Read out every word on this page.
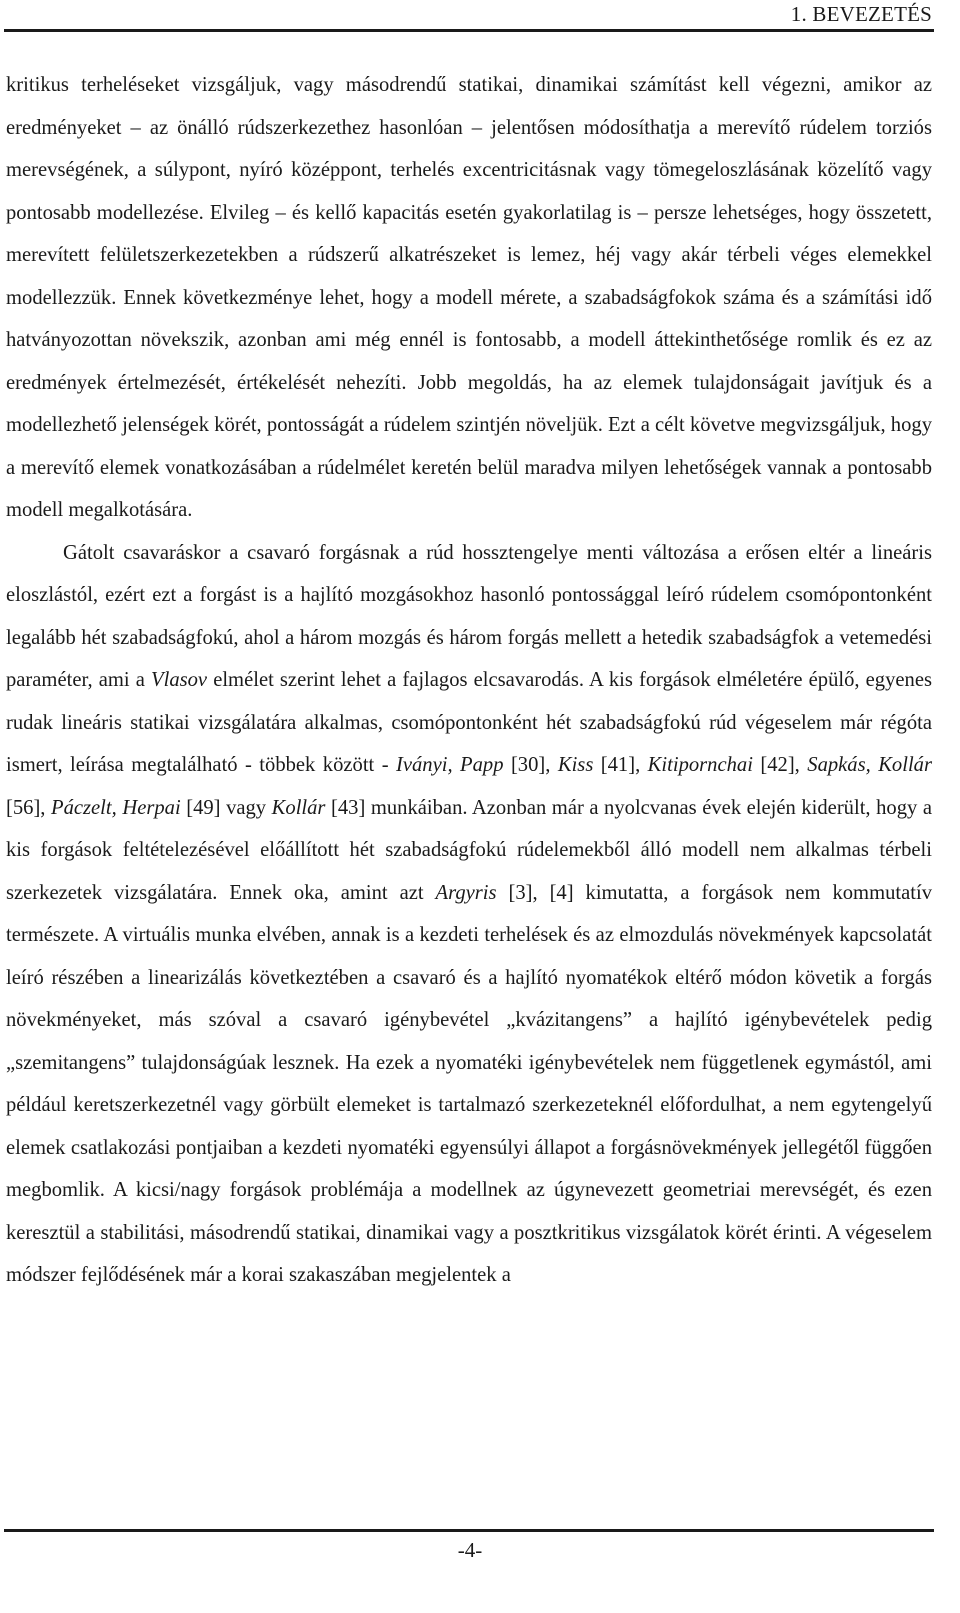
1. BEVEZETÉS

kritikus terheléseket vizsgáljuk, vagy másodrendű statikai, dinamikai számítást kell végezni, amikor az eredményeket – az önálló rúdszerkezethez hasonlóan – jelentősen módosíthatja a merevítő rúdelem torziós merevségének, a súlypont, nyíró középpont, terhelés excentricitásnak vagy tömegeloszlásának közelítő vagy pontosabb modellezése. Elvileg – és kellő kapacitás esetén gyakorlatilag is – persze lehetséges, hogy összetett, merevített felületszerkezetekben a rúdszerű alkatrészeket is lemez, héj vagy akár térbeli véges elemekkel modellezzük. Ennek következménye lehet, hogy a modell mérete, a szabadságfokok száma és a számítási idő hatványozottan növekszik, azonban ami még ennél is fontosabb, a modell áttekinthetősége romlik és ez az eredmények értelmezését, értékelését nehezíti. Jobb megoldás, ha az elemek tulajdonságait javítjuk és a modellezhető jelenségek körét, pontosságát a rúdelem szintjén növeljük. Ezt a célt követve megvizsgáljuk, hogy a merevítő elemek vonatkozásában a rúdelmélet keretén belül maradva milyen lehetőségek vannak a pontosabb modell megalkotására.

Gátolt csavaráskor a csavaró forgásnak a rúd hossztengelye menti változása a erősen eltér a lineáris eloszlástól, ezért ezt a forgást is a hajlító mozgásokhoz hasonló pontossággal leíró rúdelem csomópontonként legalább hét szabadságfokú, ahol a három mozgás és három forgás mellett a hetedik szabadságfok a vetemedési paraméter, ami a Vlasov elmélet szerint lehet a fajlagos elcsavarodás. A kis forgások elméletére épülő, egyenes rudak lineáris statikai vizsgálatára alkalmas, csomópontonként hét szabadságfokú rúd végeselem már régóta ismert, leírása megtalálható - többek között - Iványi, Papp [30], Kiss [41], Kitipornchai [42], Sapkás, Kollár [56], Páczelt, Herpai [49] vagy Kollár [43] munkáiban. Azonban már a nyolcvanas évek elején kiderült, hogy a kis forgások feltételezésével előállított hét szabadságfokú rúdelemekből álló modell nem alkalmas térbeli szerkezetek vizsgálatára. Ennek oka, amint azt Argyris [3], [4] kimutatta, a forgások nem kommutatív természete. A virtuális munka elvében, annak is a kezdeti terhelések és az elmozdulás növekmények kapcsolatát leíró részében a linearizálás következtében a csavaró és a hajlító nyomatékok eltérő módon követik a forgás növekményeket, más szóval a csavaró igénybevétel „kvázitangens” a hajlító igénybevételek pedig „szemitangens” tulajdonságúak lesznek. Ha ezek a nyomatéki igénybevételek nem függetlenek egymástól, ami például keretszerkezetnél vagy görbült elemeket is tartalmazó szerkezeteknél előfordulhat, a nem egytengelyű elemek csatlakozási pontjaiban a kezdeti nyomatéki egyensúlyi állapot a forgásnövekmények jellegétől függően megbomlik. A kicsi/nagy forgások problémája a modellnek az úgynevezett geometriai merevségét, és ezen keresztül a stabilitási, másodrendű statikai, dinamikai vagy a posztkritikus vizsgálatok körét érinti. A végeselem módszer fejlődésének már a korai szakaszában megjelentek a

-4-
